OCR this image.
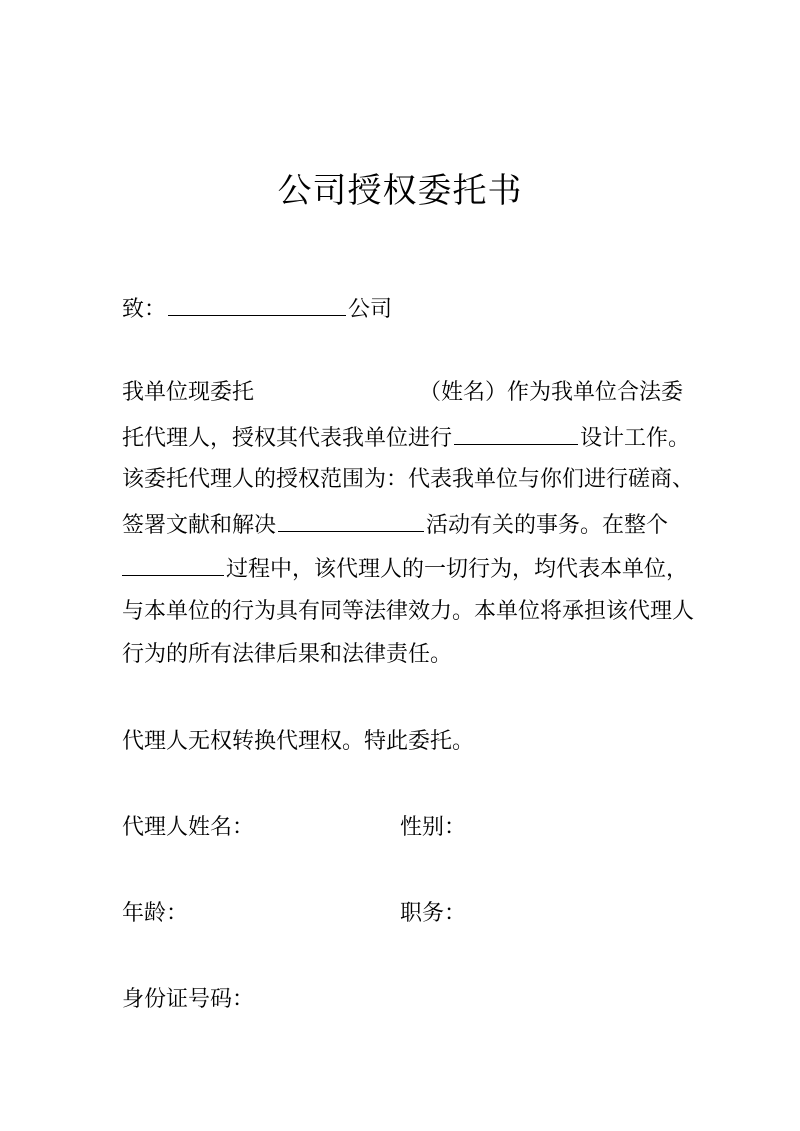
公司授权委托书
致：	公司
我单位现委托	（姓名）作为我单位合法委
托代理人，授权其代表我单位进行	设计工作。
该委托代理人的授权范围为：代表我单位与你们进行磋商、
签署文献和解决	活动有关的事务。在整个
过程中，该代理人的一切行为，均代表本单位，
与本单位的行为具有同等法律效力。本单位将承担该代理人
行为的所有法律后果和法律责任。
代理人无权转换代理权。特此委托。
代理人姓名：	性别：
年龄：	职务：
身份证号码：
